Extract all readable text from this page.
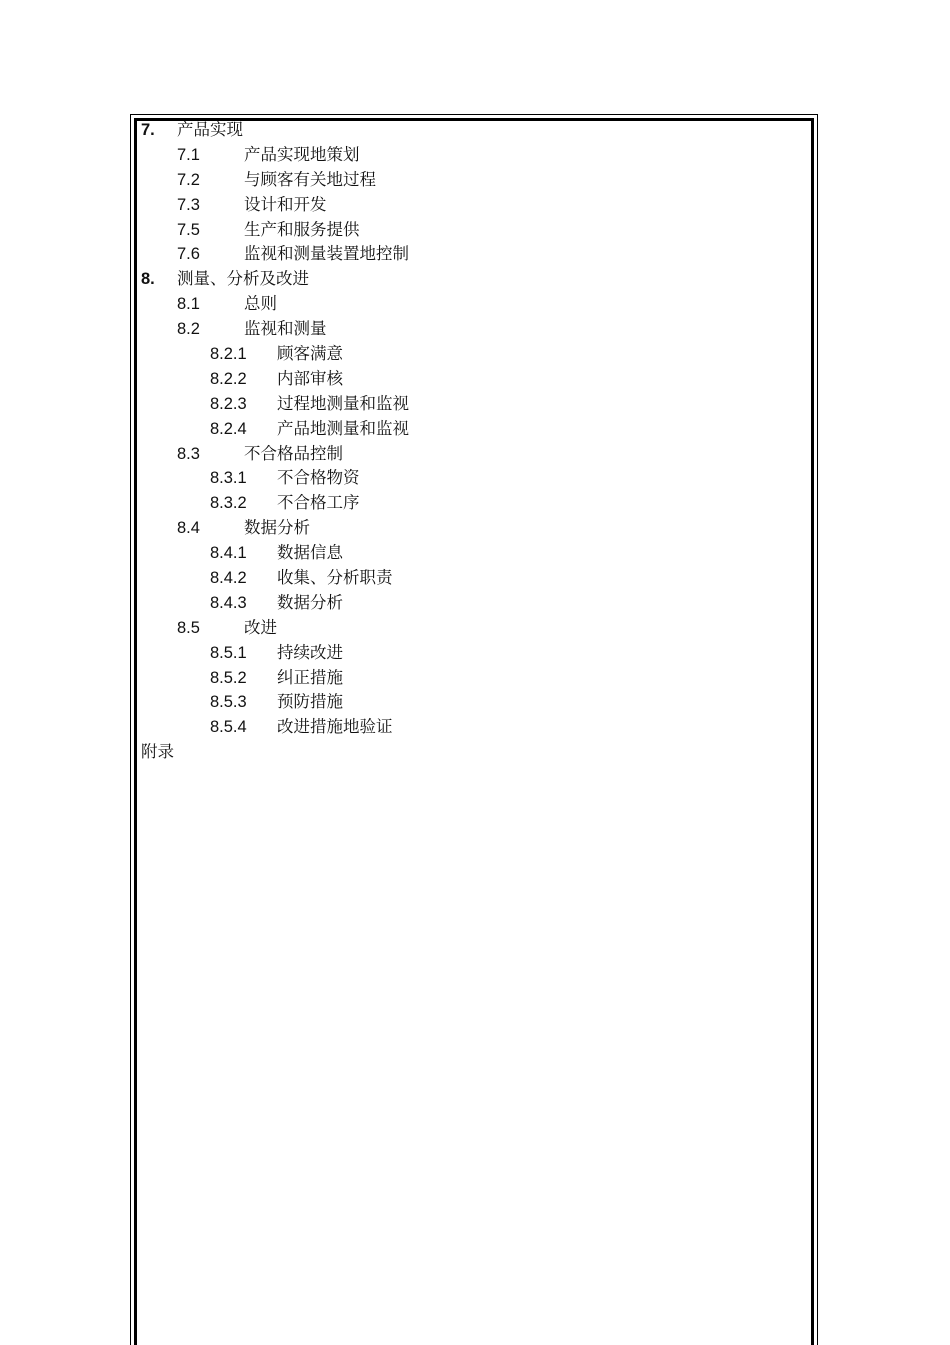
7. 产品实现
7.1	产品实现地策划
7.2	与顾客有关地过程
7.3	设计和开发
7.5	生产和服务提供
7.6	监视和测量装置地控制
8. 测量、分析及改进
8.1	总则
8.2	监视和测量
8.2.1 顾客满意
8.2.2 内部审核
8.2.3 过程地测量和监视
8.2.4 产品地测量和监视
8.3	不合格品控制
8.3.1 不合格物资
8.3.2 不合格工序
8.4	数据分析
8.4.1 数据信息
8.4.2 收集、分析职责
8.4.3 数据分析
8.5	改进
8.5.1 持续改进
8.5.2 纠正措施
8.5.3 预防措施
8.5.4 改进措施地验证
附录
